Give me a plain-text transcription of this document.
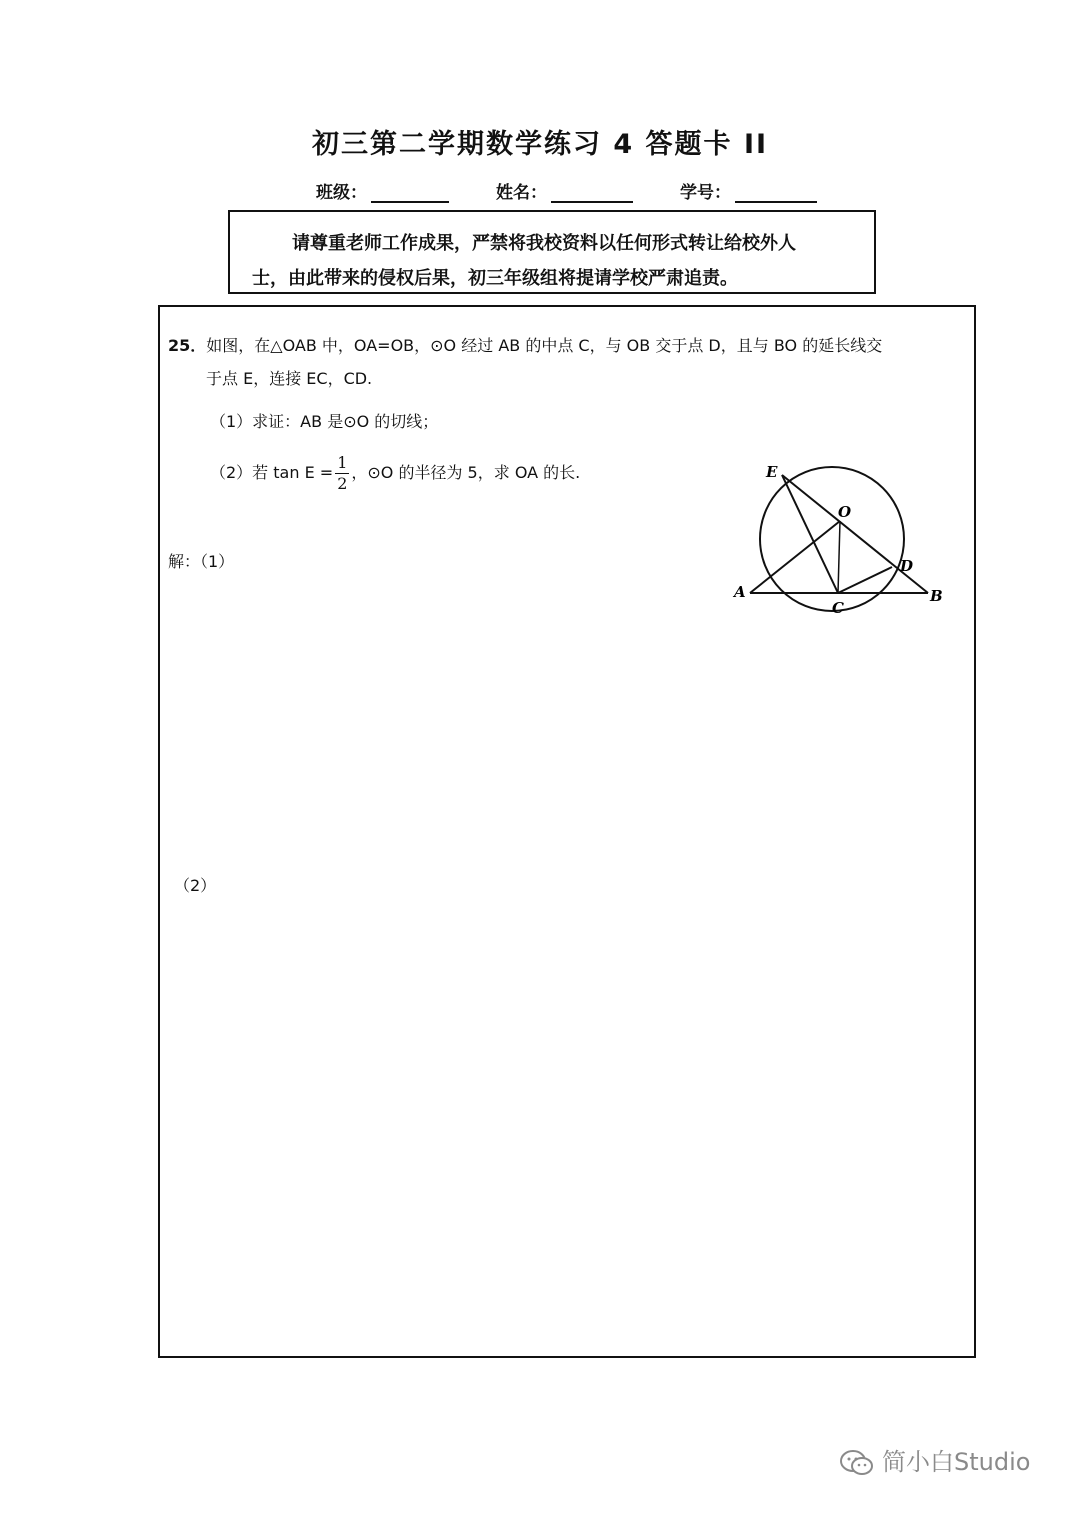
初三第二学期数学练习 4 答题卡 II
班级：	姓名：	学号：

请尊重老师工作成果，严禁将我校资料以任何形式转让给校外人

士，由此带来的侵权后果，初三年级组将提请学校严肃追责。
25．如图，在△OAB 中，OA=OB，⊙O 经过 AB 的中点 C，与 OB 交于点 D，且与 BO 的延长线交
于点 E，连接 EC，CD.
（1）求证：AB 是⊙O 的切线；
（2）若 $\tan E = \frac{1}{2}$ ，⊙O 的半径为 5，求 OA 的长.
解：（1）
（2）
E
O
D
A
C
B
简小白Studio
